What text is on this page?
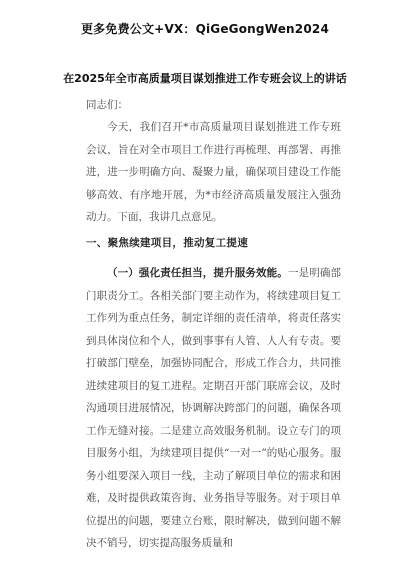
更多免费公文+VX：QiGeGongWen2024
在2025年全市高质量项目谋划推进工作专班会议上的讲话
同志们：

今天，我们召开*市高质量项目谋划推进工作专班会议，旨在对全市项目工作进行再梳理、再部署、再推进，进一步明确方向、凝聚力量，确保项目建设工作能够高效、有序地开展，为*市经济高质量发展注入强劲动力。下面，我讲几点意见。

一、聚焦续建项目，推动复工提速

（一）强化责任担当，提升服务效能。一是明确部门职责分工。各相关部门要主动作为，将续建项目复工工作列为重点任务，制定详细的责任清单，将责任落实到具体岗位和个人，做到事事有人管、人人有专责。要打破部门壁垒，加强协同配合，形成工作合力，共同推进续建项目的复工进程。定期召开部门联席会议，及时沟通项目进展情况，协调解决跨部门的问题，确保各项工作无缝对接。二是建立高效服务机制。设立专门的项目服务小组，为续建项目提供“一对一”的贴心服务。服务小组要深入项目一线，主动了解项目单位的需求和困难，及时提供政策咨询、业务指导等服务。对于项目单位提出的问题，要建立台账，限时解决，做到问题不解决不销号，切实提高服务质量和
